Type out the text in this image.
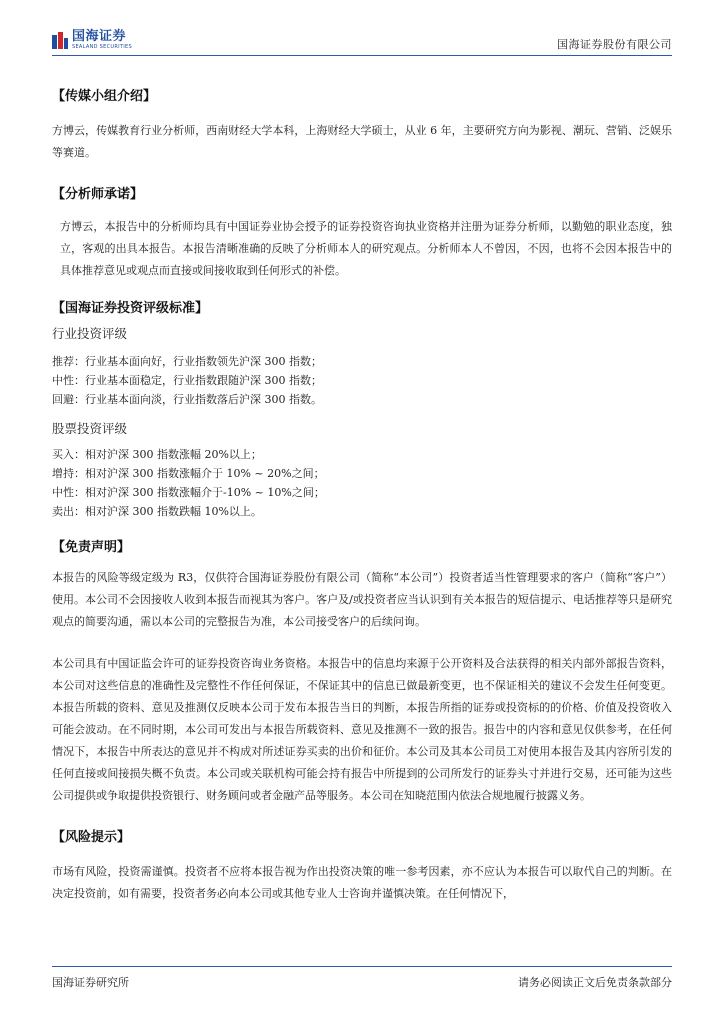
国海证券
SEALAND SECURITIES	国海证券股份有限公司
【传媒小组介绍】

方博云，传媒教育行业分析师，西南财经大学本科，上海财经大学硕士，从业 6 年，主要研究方向为影视、潮玩、营销、泛娱乐等赛道。

【分析师承诺】

方博云，本报告中的分析师均具有中国证券业协会授予的证券投资咨询执业资格并注册为证券分析师，以勤勉的职业态度，独立，客观的出具本报告。本报告清晰准确的反映了分析师本人的研究观点。分析师本人不曾因，不因，也将不会因本报告中的具体推荐意见或观点而直接或间接收取到任何形式的补偿。

【国海证券投资评级标准】
行业投资评级
推荐：行业基本面向好，行业指数领先沪深 300 指数；
中性：行业基本面稳定，行业指数跟随沪深 300 指数；
回避：行业基本面向淡，行业指数落后沪深 300 指数。
股票投资评级
买入：相对沪深 300 指数涨幅 20%以上；
增持：相对沪深 300 指数涨幅介于 10% ~ 20%之间；
中性：相对沪深 300 指数涨幅介于-10% ~ 10%之间；
卖出：相对沪深 300 指数跌幅 10%以上。
【免责声明】

本报告的风险等级定级为 R3，仅供符合国海证券股份有限公司（简称“本公司”）投资者适当性管理要求的客户（简称“客户”）使用。本公司不会因接收人收到本报告而视其为客户。客户及/或投资者应当认识到有关本报告的短信提示、电话推荐等只是研究观点的简要沟通，需以本公司的完整报告为准，本公司接受客户的后续问询。

本公司具有中国证监会许可的证券投资咨询业务资格。本报告中的信息均来源于公开资料及合法获得的相关内部外部报告资料，本公司对这些信息的准确性及完整性不作任何保证，不保证其中的信息已做最新变更，也不保证相关的建议不会发生任何变更。本报告所载的资料、意见及推测仅反映本公司于发布本报告当日的判断，本报告所指的证券或投资标的的价格、价值及投资收入可能会波动。在不同时期，本公司可发出与本报告所载资料、意见及推测不一致的报告。报告中的内容和意见仅供参考，在任何情况下，本报告中所表达的意见并不构成对所述证券买卖的出价和征价。本公司及其本公司员工对使用本报告及其内容所引发的任何直接或间接损失概不负责。本公司或关联机构可能会持有报告中所提到的公司所发行的证券头寸并进行交易，还可能为这些公司提供或争取提供投资银行、财务顾问或者金融产品等服务。本公司在知晓范围内依法合规地履行披露义务。

【风险提示】

市场有风险，投资需谨慎。投资者不应将本报告视为作出投资决策的唯一参考因素，亦不应认为本报告可以取代自己的判断。在决定投资前，如有需要，投资者务必向本公司或其他专业人士咨询并谨慎决策。在任何情况下，

国海证券研究所	请务必阅读正文后免责条款部分
